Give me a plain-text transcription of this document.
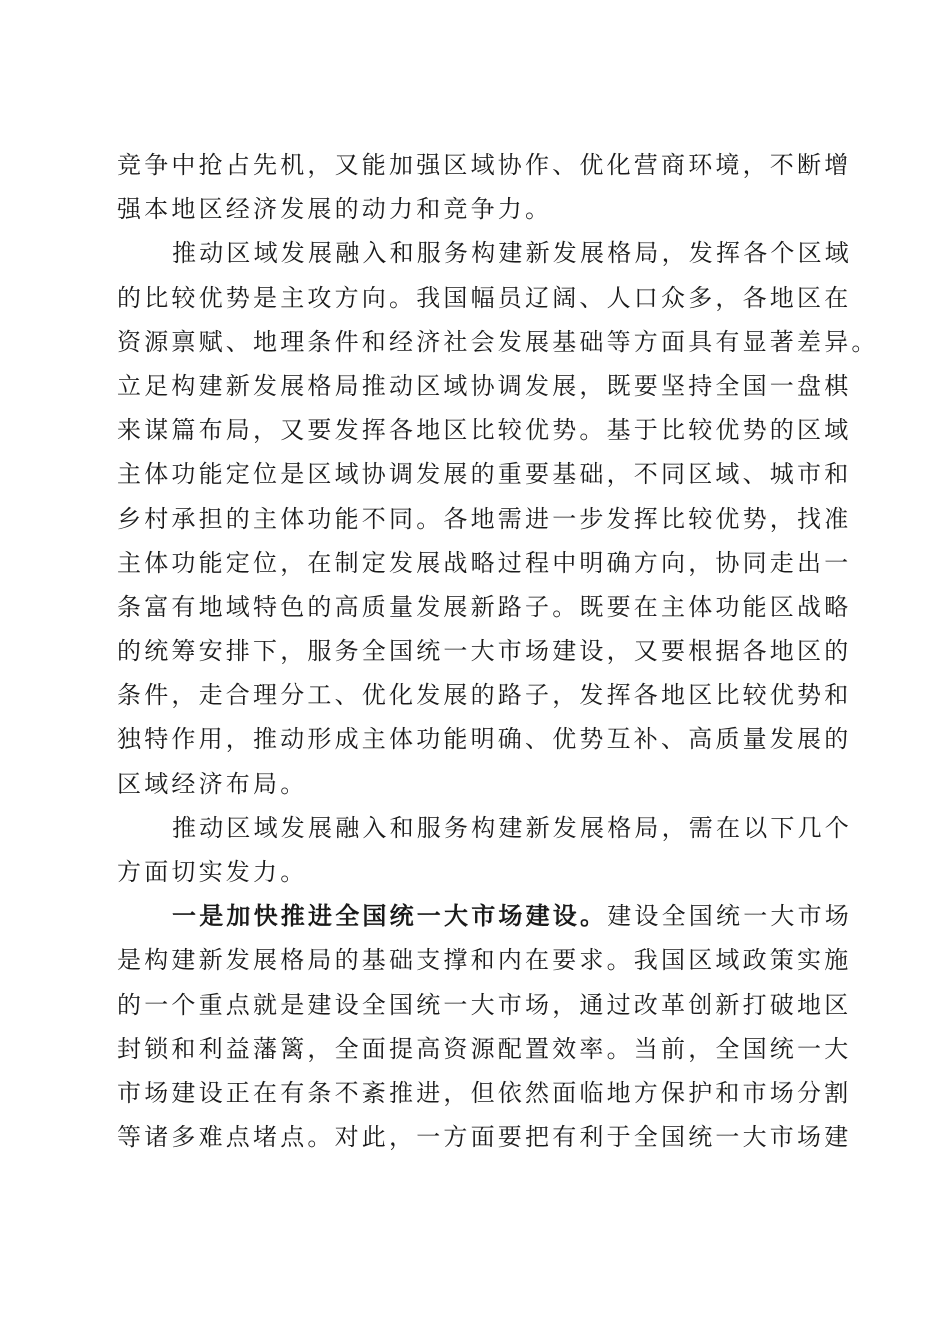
竞争中抢占先机，又能加强区域协作、优化营商环境，不断增
强本地区经济发展的动力和竞争力。
推动区域发展融入和服务构建新发展格局，发挥各个区域
的比较优势是主攻方向。我国幅员辽阔、人口众多，各地区在
资源禀赋、地理条件和经济社会发展基础等方面具有显著差异。
立足构建新发展格局推动区域协调发展，既要坚持全国一盘棋
来谋篇布局，又要发挥各地区比较优势。基于比较优势的区域
主体功能定位是区域协调发展的重要基础，不同区域、城市和
乡村承担的主体功能不同。各地需进一步发挥比较优势，找准
主体功能定位，在制定发展战略过程中明确方向，协同走出一
条富有地域特色的高质量发展新路子。既要在主体功能区战略
的统筹安排下，服务全国统一大市场建设，又要根据各地区的
条件，走合理分工、优化发展的路子，发挥各地区比较优势和
独特作用，推动形成主体功能明确、优势互补、高质量发展的
区域经济布局。
推动区域发展融入和服务构建新发展格局，需在以下几个
方面切实发力。
一是加快推进全国统一大市场建设。建设全国统一大市场
是构建新发展格局的基础支撑和内在要求。我国区域政策实施
的一个重点就是建设全国统一大市场，通过改革创新打破地区
封锁和利益藩篱，全面提高资源配置效率。当前，全国统一大
市场建设正在有条不紊推进，但依然面临地方保护和市场分割
等诸多难点堵点。对此，一方面要把有利于全国统一大市场建
